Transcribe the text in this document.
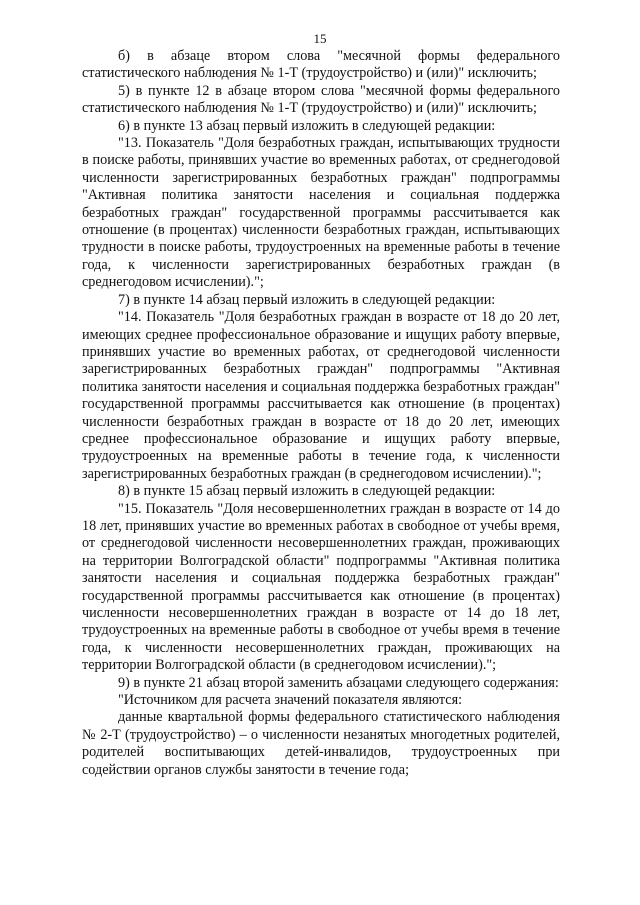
15

б) в абзаце втором слова "месячной формы федерального статистического наблюдения № 1-Т (трудоустройство) и (или)" исключить;

5) в пункте 12 в абзаце втором слова "месячной формы федерального статистического наблюдения № 1-Т (трудоустройство) и (или)" исключить;

6) в пункте 13 абзац первый изложить в следующей редакции:

"13. Показатель "Доля безработных граждан, испытывающих трудности в поиске работы, принявших участие во временных работах, от среднегодовой численности зарегистрированных безработных граждан" подпрограммы "Активная политика занятости населения и социальная поддержка безработных граждан" государственной программы рассчитывается как отношение (в процентах) численности безработных граждан, испытывающих трудности в поиске работы, трудоустроенных на временные работы в течение года, к численности зарегистрированных безработных граждан (в среднегодовом исчислении).";

7) в пункте 14 абзац первый изложить в следующей редакции:

"14. Показатель "Доля безработных граждан в возрасте от 18 до 20 лет, имеющих среднее профессиональное образование и ищущих работу впервые, принявших участие во временных работах, от среднегодовой численности зарегистрированных безработных граждан" подпрограммы "Активная политика занятости населения и социальная поддержка безработных граждан" государственной программы рассчитывается как отношение (в процентах) численности безработных граждан в возрасте от 18 до 20 лет, имеющих среднее профессиональное образование и ищущих работу впервые, трудоустроенных на временные работы в течение года, к численности зарегистрированных безработных граждан (в среднегодовом исчислении).";

8) в пункте 15 абзац первый изложить в следующей редакции:

"15. Показатель "Доля несовершеннолетних граждан в возрасте от 14 до 18 лет, принявших участие во временных работах в свободное от учебы время, от среднегодовой численности несовершеннолетних граждан, проживающих на территории Волгоградской области" подпрограммы "Активная политика занятости населения и социальная поддержка безработных граждан" государственной программы рассчитывается как отношение (в процентах) численности несовершеннолетних граждан в возрасте от 14 до 18 лет, трудоустроенных на временные работы в свободное от учебы время в течение года, к численности несовершеннолетних граждан, проживающих на территории Волгоградской области (в среднегодовом исчислении).";

9) в пункте 21 абзац второй заменить абзацами следующего содержания:

"Источником для расчета значений показателя являются:

данные квартальной формы федерального статистического наблюдения № 2-Т (трудоустройство) – о численности незанятых многодетных родителей, родителей воспитывающих детей-инвалидов, трудоустроенных при содействии органов службы занятости в течение года;
